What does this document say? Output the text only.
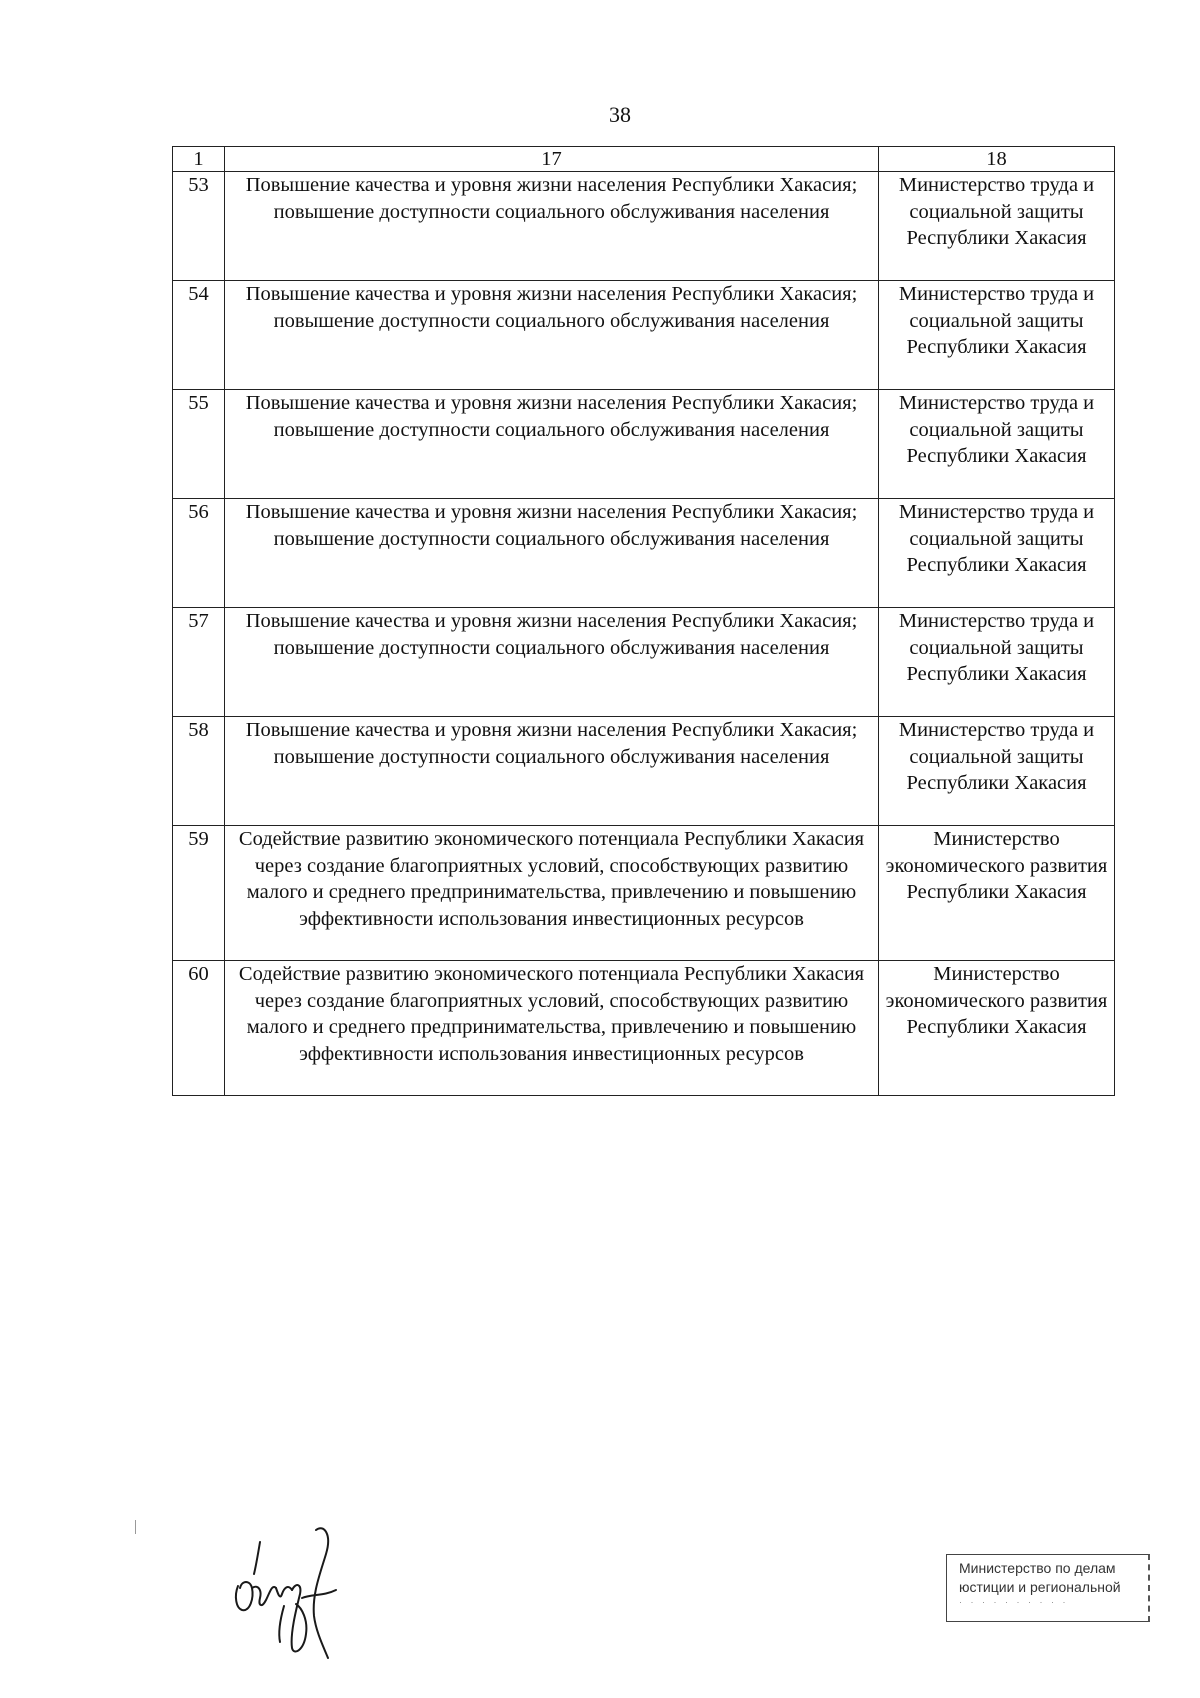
38
1	17	18
53	Повышение качества и уровня жизни населения Республики Хакасия; повышение доступности социального обслуживания населения	Министерство труда и социальной защиты Республики Хакасия
54	Повышение качества и уровня жизни населения Республики Хакасия; повышение доступности социального обслуживания населения	Министерство труда и социальной защиты Республики Хакасия
55	Повышение качества и уровня жизни населения Республики Хакасия; повышение доступности социального обслуживания населения	Министерство труда и социальной защиты Республики Хакасия
56	Повышение качества и уровня жизни населения Республики Хакасия; повышение доступности социального обслуживания населения	Министерство труда и социальной защиты Республики Хакасия
57	Повышение качества и уровня жизни населения Республики Хакасия; повышение доступности социального обслуживания населения	Министерство труда и социальной защиты Республики Хакасия
58	Повышение качества и уровня жизни населения Республики Хакасия; повышение доступности социального обслуживания населения	Министерство труда и социальной защиты Республики Хакасия
59	Содействие развитию экономического потенциала Республики Хакасия через создание благоприятных условий, способствующих развитию малого и среднего предпринимательства, привлечению и повышению эффективности использования инвестиционных ресурсов	Министерство экономического развития Республики Хакасия
60	Содействие развитию экономического потенциала Республики Хакасия через создание благоприятных условий, способствующих развитию малого и среднего предпринимательства, привлечению и повышению эффективности использования инвестиционных ресурсов	Министерство экономического развития Республики Хакасия
Министерство по делам
юстиции и региональной
· · · · · · · · · ·
